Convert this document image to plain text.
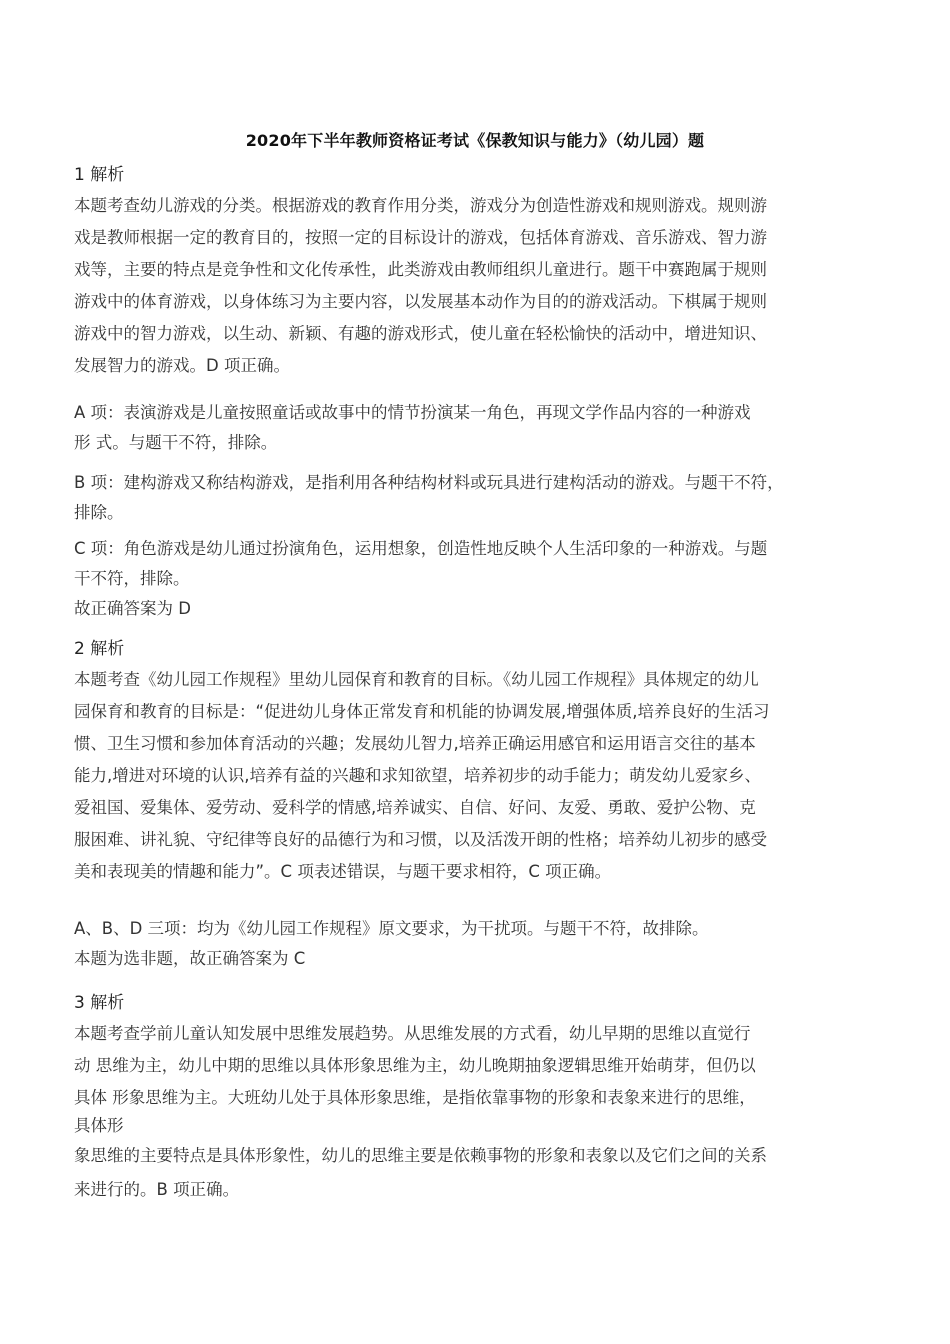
2020年下半年教师资格证考试《保教知识与能力》（幼儿园）题
1 解析
本题考查幼儿游戏的分类。根据游戏的教育作用分类，游戏分为创造性游戏和规则游戏。规则游
戏是教师根据一定的教育目的，按照一定的目标设计的游戏，包括体育游戏、音乐游戏、智力游
戏等，主要的特点是竞争性和文化传承性，此类游戏由教师组织儿童进行。题干中赛跑属于规则
游戏中的体育游戏，以身体练习为主要内容，以发展基本动作为目的的游戏活动。下棋属于规则
游戏中的智力游戏，以生动、新颖、有趣的游戏形式，使儿童在轻松愉快的活动中，增进知识、
发展智力的游戏。D 项正确。
A 项：表演游戏是儿童按照童话或故事中的情节扮演某一角色，再现文学作品内容的一种游戏
形 式。与题干不符，排除。
B 项：建构游戏又称结构游戏，是指利用各种结构材料或玩具进行建构活动的游戏。与题干不符，
排除。
C 项：角色游戏是幼儿通过扮演角色，运用想象，创造性地反映个人生活印象的一种游戏。与题
干不符，排除。
故正确答案为 D
2 解析
本题考查《幼儿园工作规程》里幼儿园保育和教育的目标。《幼儿园工作规程》具体规定的幼儿
园保育和教育的目标是：“促进幼儿身体正常发育和机能的协调发展,增强体质,培养良好的生活习
惯、卫生习惯和参加体育活动的兴趣；发展幼儿智力,培养正确运用感官和运用语言交往的基本
能力,增进对环境的认识,培养有益的兴趣和求知欲望，培养初步的动手能力；萌发幼儿爱家乡、
爱祖国、爱集体、爱劳动、爱科学的情感,培养诚实、自信、好问、友爱、勇敢、爱护公物、克
服困难、讲礼貌、守纪律等良好的品德行为和习惯，以及活泼开朗的性格；培养幼儿初步的感受
美和表现美的情趣和能力”。C 项表述错误，与题干要求相符，C 项正确。
A、B、D 三项：均为《幼儿园工作规程》原文要求，为干扰项。与题干不符，故排除。
本题为选非题，故正确答案为 C
3 解析
本题考查学前儿童认知发展中思维发展趋势。从思维发展的方式看，幼儿早期的思维以直觉行
动 思维为主，幼儿中期的思维以具体形象思维为主，幼儿晚期抽象逻辑思维开始萌芽，但仍以
具体 形象思维为主。大班幼儿处于具体形象思维，是指依靠事物的形象和表象来进行的思维，
具体形
象思维的主要特点是具体形象性，幼儿的思维主要是依赖事物的形象和表象以及它们之间的关系
来进行的。B 项正确。
